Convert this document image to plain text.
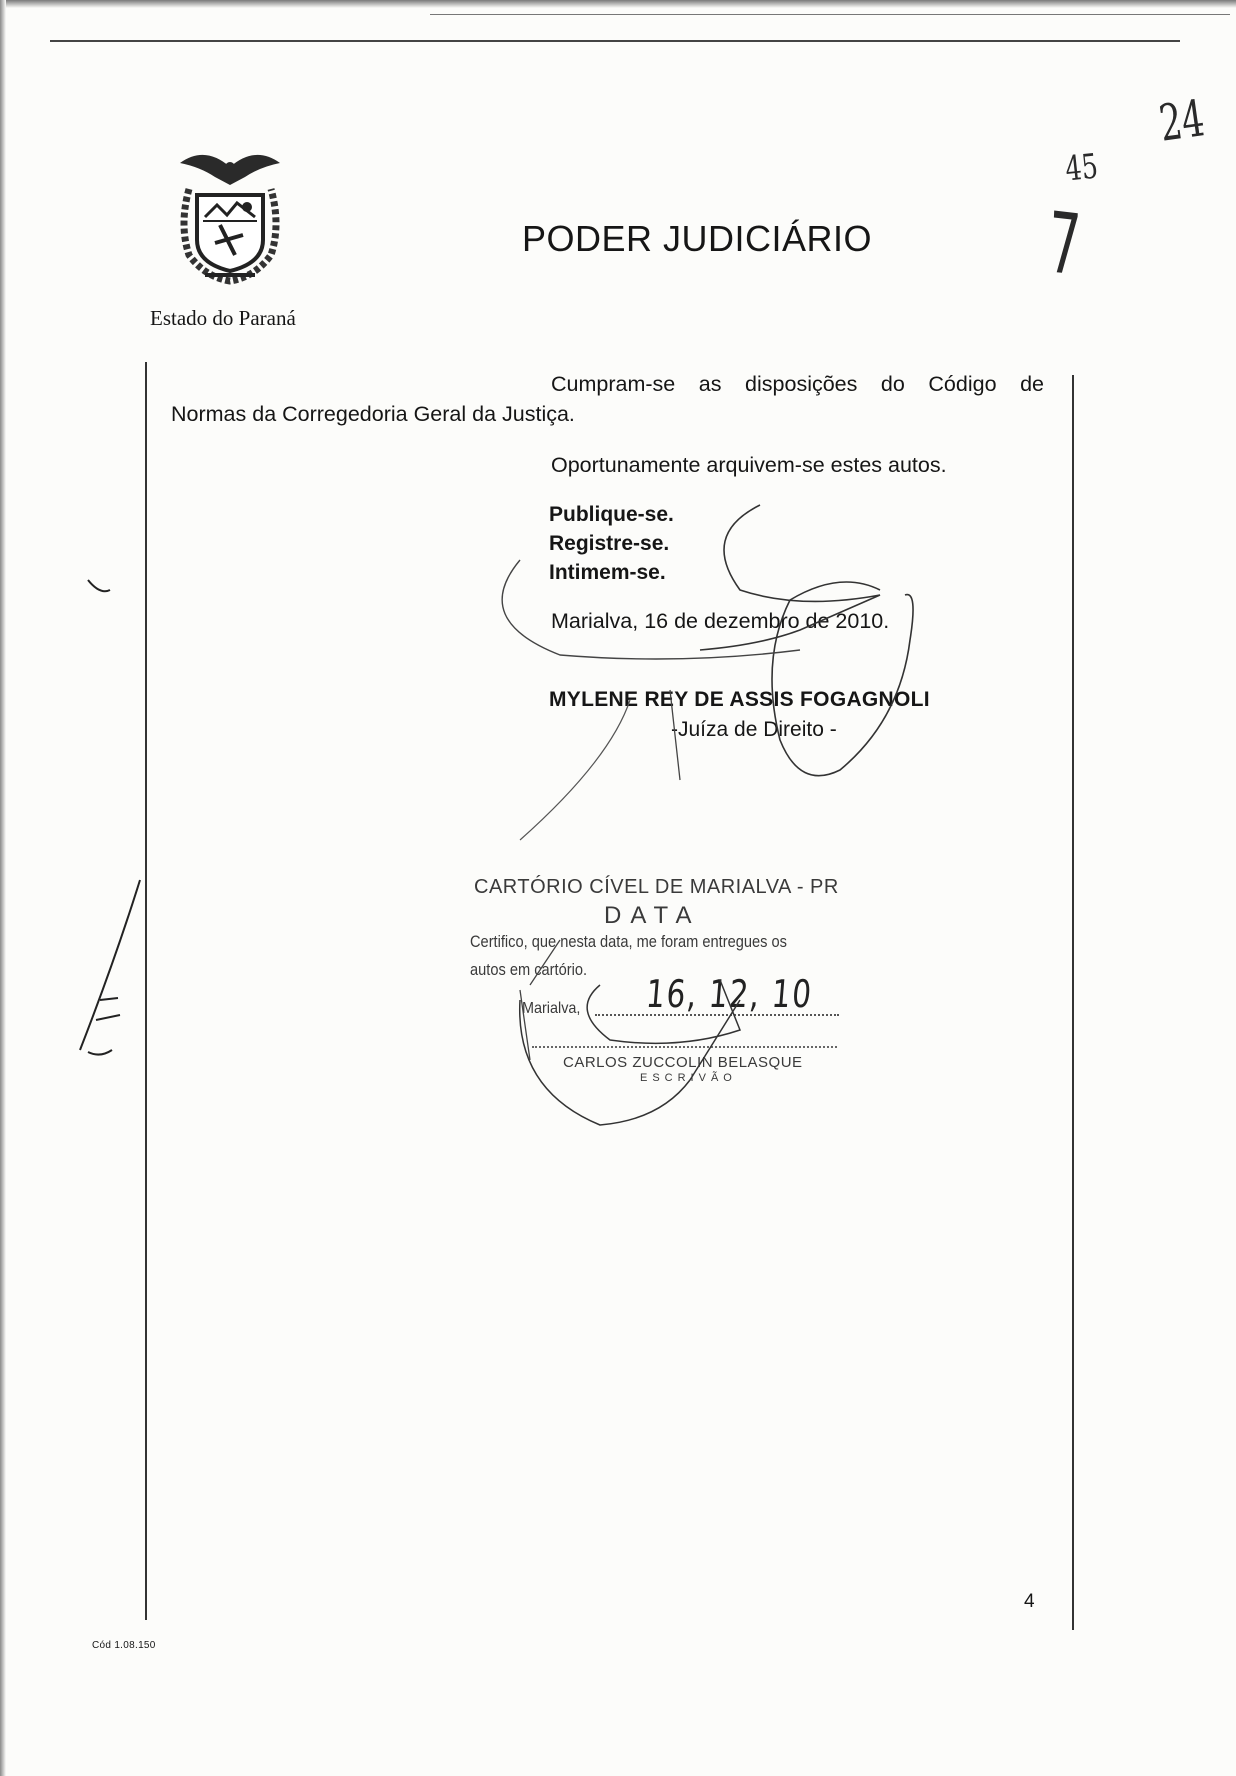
PODER JUDICIÁRIO
Estado do Paraná
24
45
7
Cumpram-se as disposições do Código de
Normas da Corregedoria Geral da Justiça.
Oportunamente arquivem-se estes autos.
Publique-se.
Registre-se.
Intimem-se.
Marialva, 16 de dezembro de 2010.
MYLENE REY DE ASSIS FOGAGNOLI
-Juíza de Direito -
CARTÓRIO CÍVEL DE MARIALVA - PR
DATA
Certifico, que nesta data, me foram entregues os
autos em cartório.
Marialva, 16, 12, 10
CARLOS ZUCCOLIN BELASQUE
ESCRIVÃO
4
Cód 1.08.150
